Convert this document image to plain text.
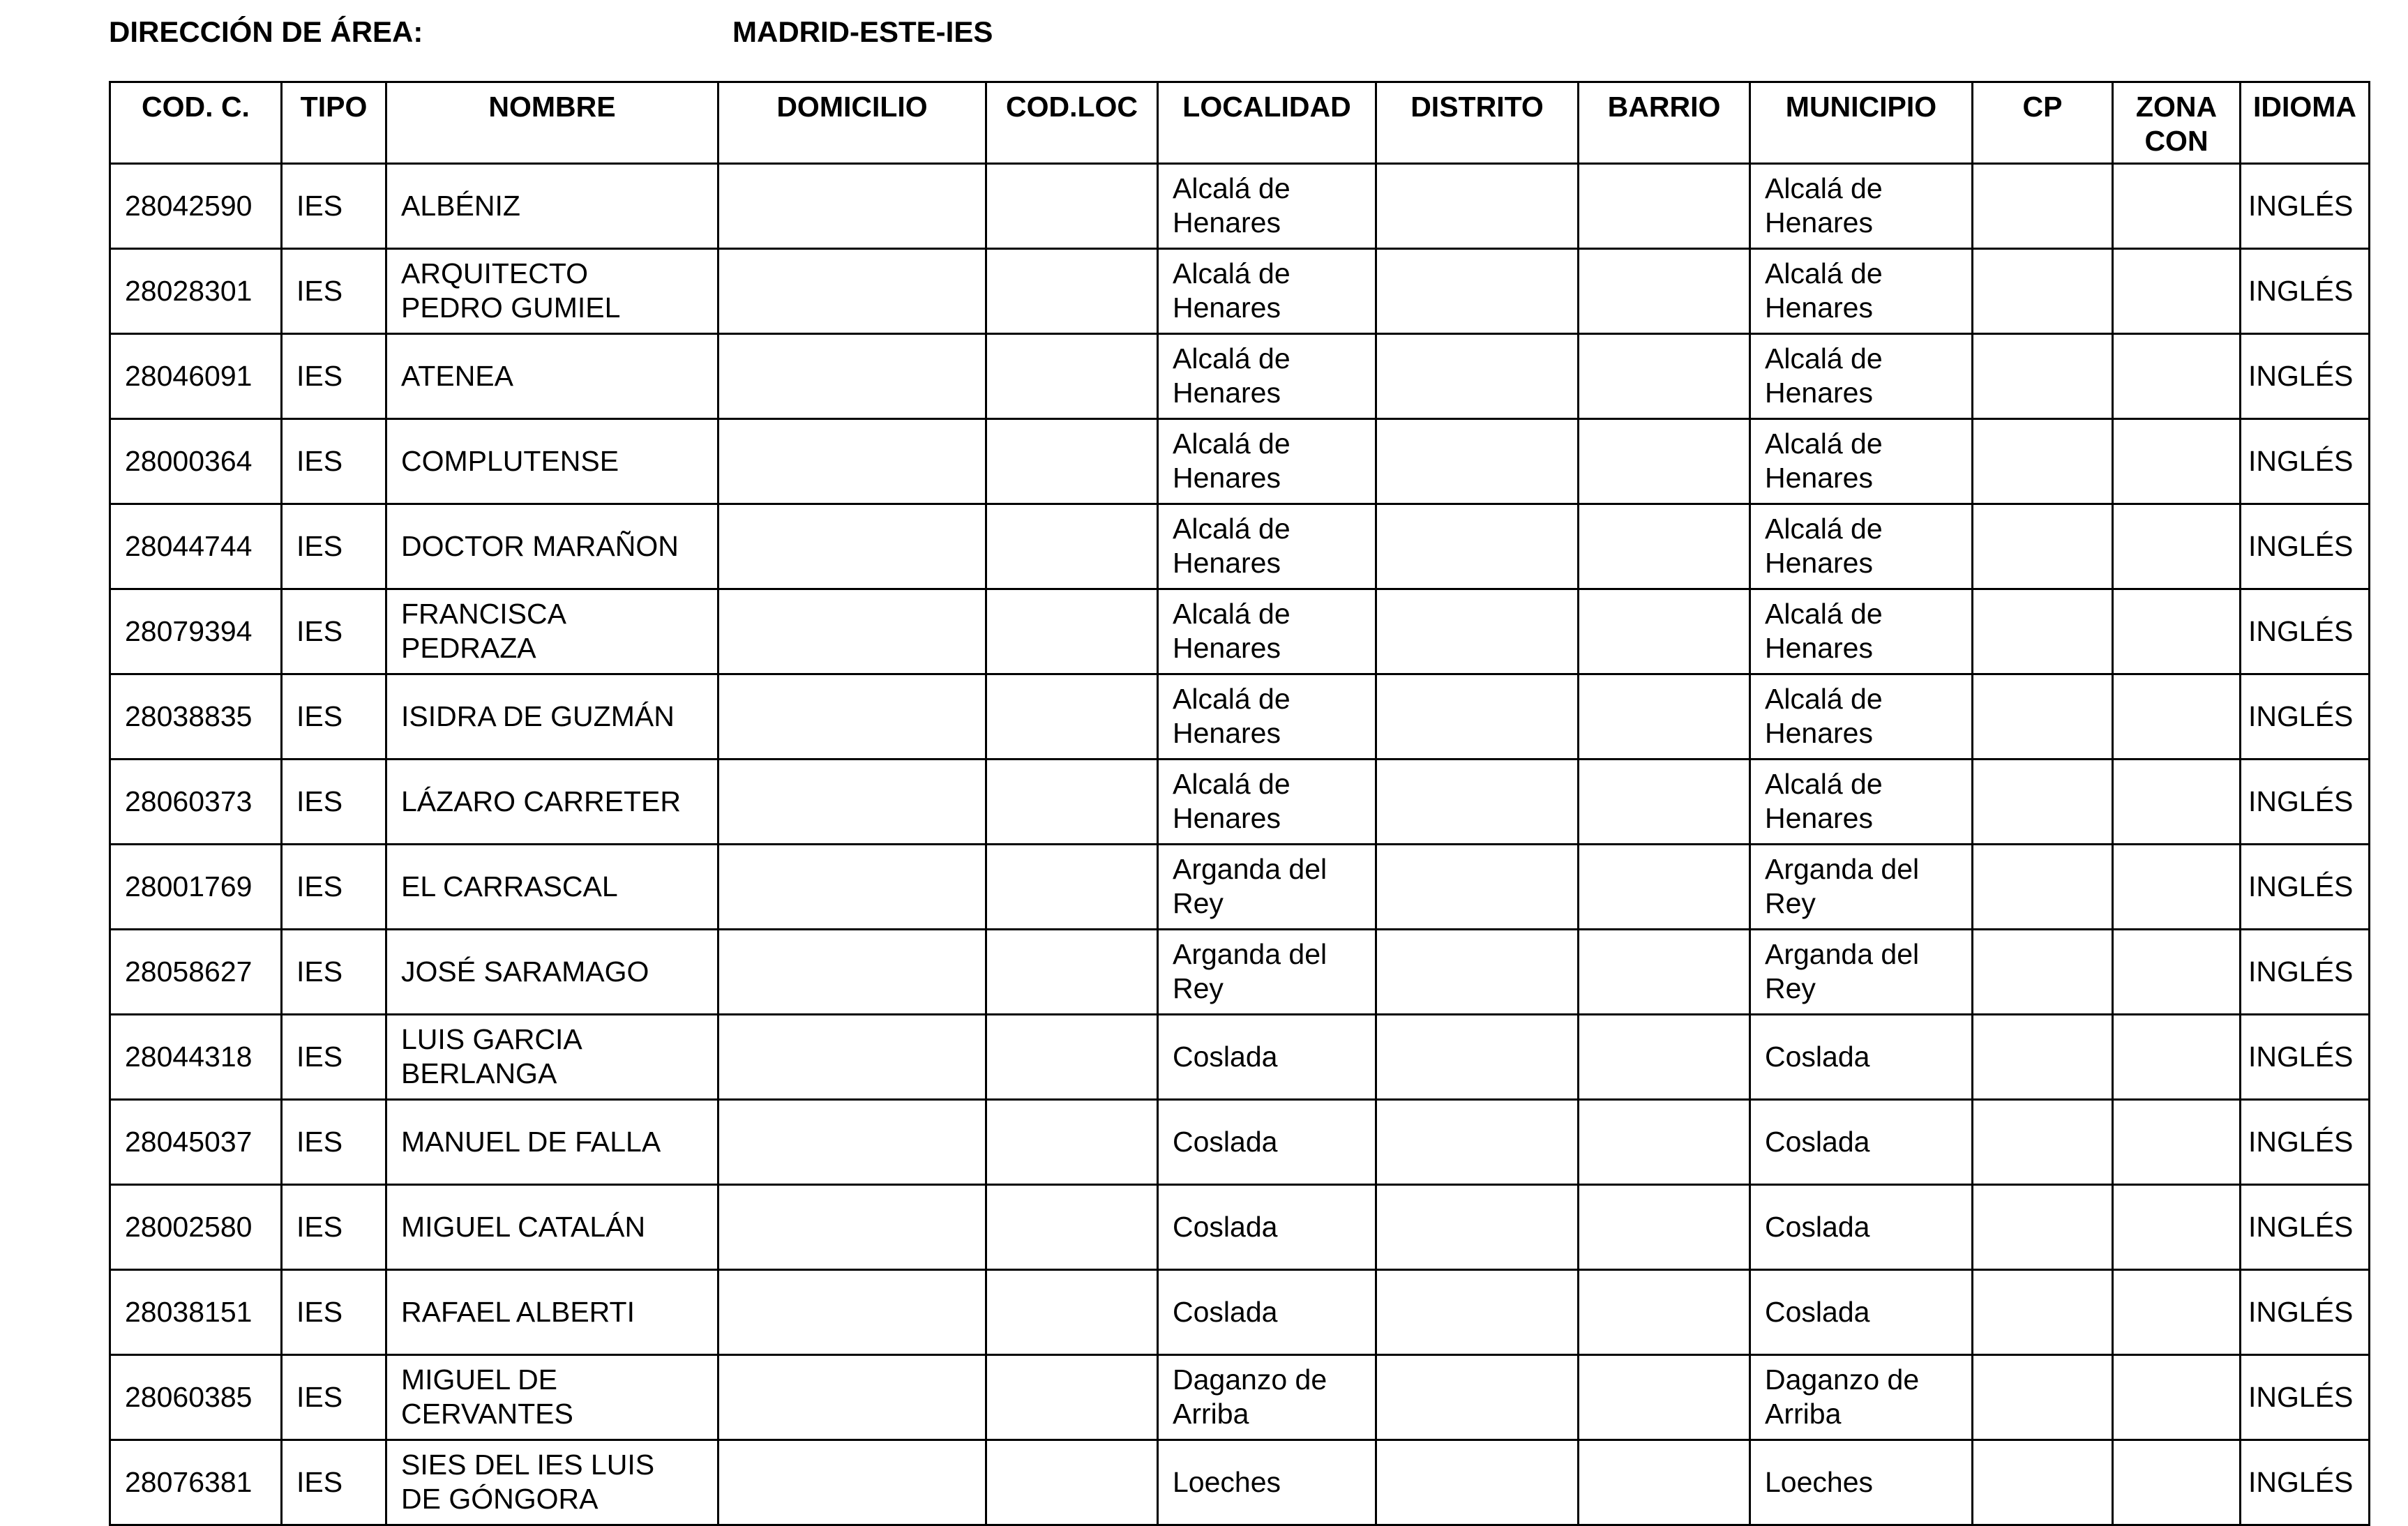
DIRECCIÓN DE ÁREA:	MADRID-ESTE-IES
COD. C.	TIPO	NOMBRE	DOMICILIO	COD.LOC	LOCALIDAD	DISTRITO	BARRIO	MUNICIPIO	CP	ZONA CON	IDIOMA
28042590	IES	ALBÉNIZ			Alcalá de Henares			Alcalá de Henares			INGLÉS
28028301	IES	ARQUITECTO PEDRO GUMIEL			Alcalá de Henares			Alcalá de Henares			INGLÉS
28046091	IES	ATENEA			Alcalá de Henares			Alcalá de Henares			INGLÉS
28000364	IES	COMPLUTENSE			Alcalá de Henares			Alcalá de Henares			INGLÉS
28044744	IES	DOCTOR MARAÑON			Alcalá de Henares			Alcalá de Henares			INGLÉS
28079394	IES	FRANCISCA PEDRAZA			Alcalá de Henares			Alcalá de Henares			INGLÉS
28038835	IES	ISIDRA DE GUZMÁN			Alcalá de Henares			Alcalá de Henares			INGLÉS
28060373	IES	LÁZARO CARRETER			Alcalá de Henares			Alcalá de Henares			INGLÉS
28001769	IES	EL CARRASCAL			Arganda del Rey			Arganda del Rey			INGLÉS
28058627	IES	JOSÉ SARAMAGO			Arganda del Rey			Arganda del Rey			INGLÉS
28044318	IES	LUIS GARCIA BERLANGA			Coslada			Coslada			INGLÉS
28045037	IES	MANUEL DE FALLA			Coslada			Coslada			INGLÉS
28002580	IES	MIGUEL CATALÁN			Coslada			Coslada			INGLÉS
28038151	IES	RAFAEL ALBERTI			Coslada			Coslada			INGLÉS
28060385	IES	MIGUEL DE CERVANTES			Daganzo de Arriba			Daganzo de Arriba			INGLÉS
28076381	IES	SIES DEL IES LUIS DE GÓNGORA			Loeches			Loeches			INGLÉS
